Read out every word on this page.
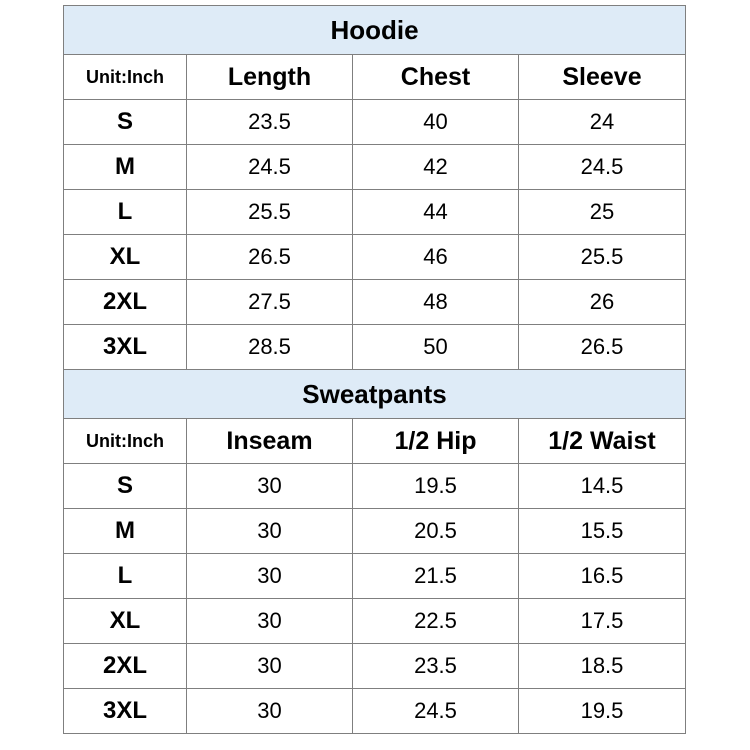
Hoodie			
Unit:Inch	Length	Chest	Sleeve
S	23.5	40	24
M	24.5	42	24.5
L	25.5	44	25
XL	26.5	46	25.5
2XL	27.5	48	26
3XL	28.5	50	26.5
Sweatpants			
Unit:Inch	Inseam	1/2 Hip	1/2 Waist
S	30	19.5	14.5
M	30	20.5	15.5
L	30	21.5	16.5
XL	30	22.5	17.5
2XL	30	23.5	18.5
3XL	30	24.5	19.5
